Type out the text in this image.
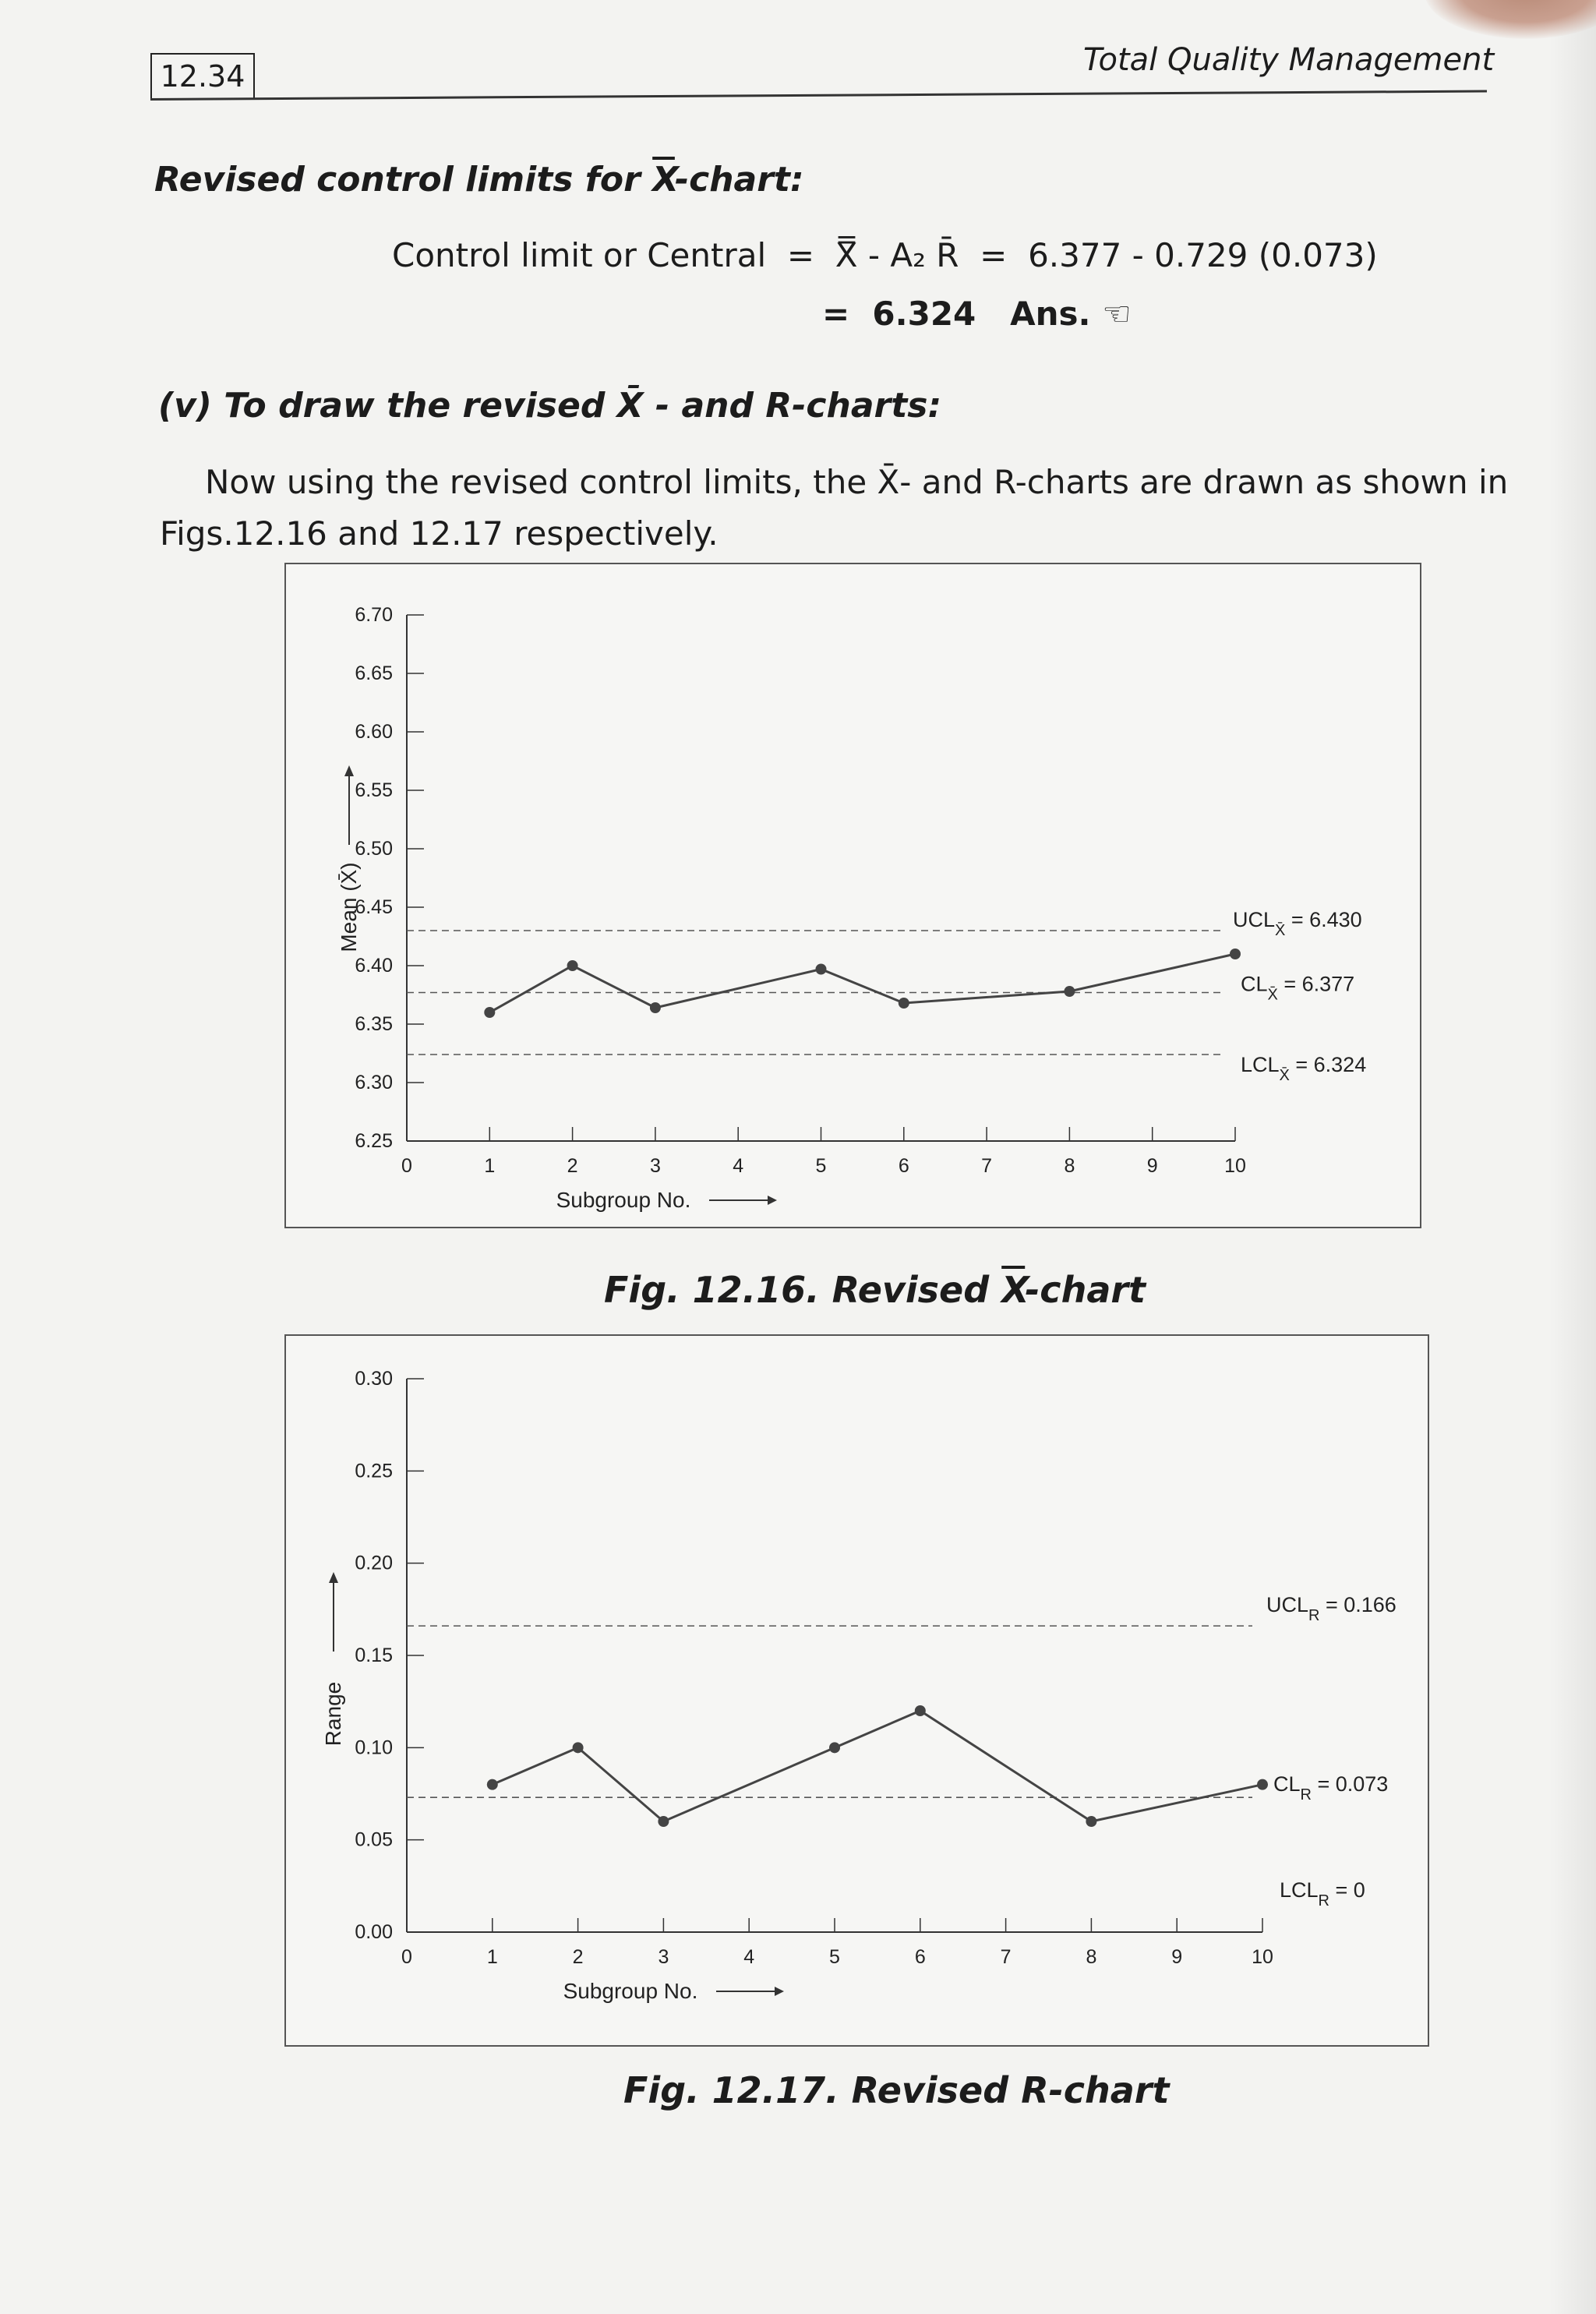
12.34	Total Quality Management
Revised control limits for $\overline{X}$-chart:
Control limit or Central  =  X̿ - A₂ R̄  =  6.377 - 0.729 (0.073)
=  6.324   Ans. ☜
(v) To draw the revised X̄ - and R-charts:
Now using the revised control limits, the X̄- and R-charts are drawn as shown in
Figs.12.16 and 12.17 respectively.
6.25
6.30
6.35
6.40
6.45
6.50
6.55
6.60
6.65
6.70
0	1	2	3	4	5	6	7	8	9	10
Subgroup No.
Mean (X̄)	$UCL_{X̄} = 6.430$
$CL_{X̄} = 6.377$
$LCL_{X̄} = 6.324$
Fig. 12.16. Revised $\overline{X}$-chart
0.00
0.05
0.10
0.15
0.20
0.25
0.30
0	1	2	3	4	5	6	7	8	9	10
Subgroup No.
Range
$UCL_R = 0.166$
$CL_R = 0.073$
$LCL_R = 0$
Fig. 12.17. Revised R-chart
